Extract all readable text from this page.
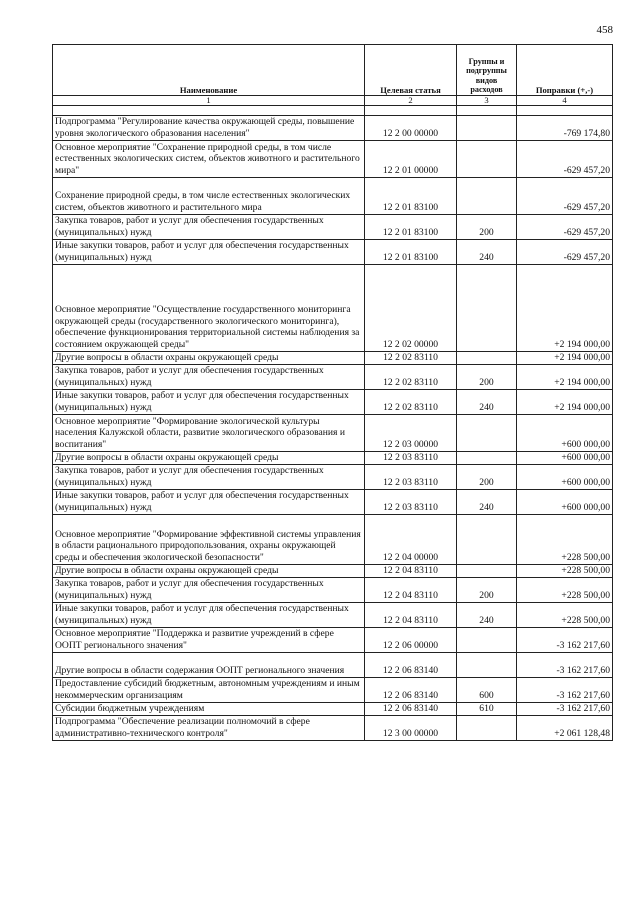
458
Наименование	Целевая статья	Группы и подгруппы видов расходов	Поправки (+,-)
1	2	3	4

Подпрограмма "Регулирование качества окружающей среды, повышение уровня экологического образования населения"	12 2 00 00000		-769 174,80
Основное мероприятие "Сохранение природной среды, в том числе естественных экологических систем, объектов животного и растительного мира"	12 2 01 00000		-629 457,20
Сохранение природной среды, в том числе естественных экологических систем, объектов животного и растительного мира	12 2 01 83100		-629 457,20
Закупка товаров, работ и услуг для обеспечения государственных (муниципальных) нужд	12 2 01 83100	200	-629 457,20
Иные закупки товаров, работ и услуг для обеспечения государственных (муниципальных) нужд	12 2 01 83100	240	-629 457,20
Основное мероприятие "Осуществление государственного мониторинга окружающей среды (государственного экологического мониторинга), обеспечение функционирования территориальной системы наблюдения за состоянием окружающей среды"	12 2 02 00000		+2 194 000,00
Другие вопросы в области охраны окружающей среды	12 2 02 83110		+2 194 000,00
Закупка товаров, работ и услуг для обеспечения государственных (муниципальных) нужд	12 2 02 83110	200	+2 194 000,00
Иные закупки товаров, работ и услуг для обеспечения государственных (муниципальных) нужд	12 2 02 83110	240	+2 194 000,00
Основное мероприятие "Формирование экологической культуры населения Калужской области, развитие экологического образования и воспитания"	12 2 03 00000		+600 000,00
Другие вопросы в области охраны окружающей среды	12 2 03 83110		+600 000,00
Закупка товаров, работ и услуг для обеспечения государственных (муниципальных) нужд	12 2 03 83110	200	+600 000,00
Иные закупки товаров, работ и услуг для обеспечения государственных (муниципальных) нужд	12 2 03 83110	240	+600 000,00
Основное мероприятие "Формирование эффективной системы управления в области рационального природопользования, охраны окружающей среды и обеспечения экологической безопасности"	12 2 04 00000		+228 500,00
Другие вопросы в области охраны окружающей среды	12 2 04 83110		+228 500,00
Закупка товаров, работ и услуг для обеспечения государственных (муниципальных) нужд	12 2 04 83110	200	+228 500,00
Иные закупки товаров, работ и услуг для обеспечения государственных (муниципальных) нужд	12 2 04 83110	240	+228 500,00
Основное мероприятие "Поддержка и развитие учреждений в сфере ООПТ регионального значения"	12 2 06 00000		-3 162 217,60
Другие вопросы в области содержания ООПТ регионального значения	12 2 06 83140		-3 162 217,60
Предоставление субсидий бюджетным, автономным учреждениям и иным некоммерческим организациям	12 2 06 83140	600	-3 162 217,60
Субсидии бюджетным учреждениям	12 2 06 83140	610	-3 162 217,60
Подпрограмма "Обеспечение реализации полномочий в сфере административно-технического контроля"	12 3 00 00000		+2 061 128,48
